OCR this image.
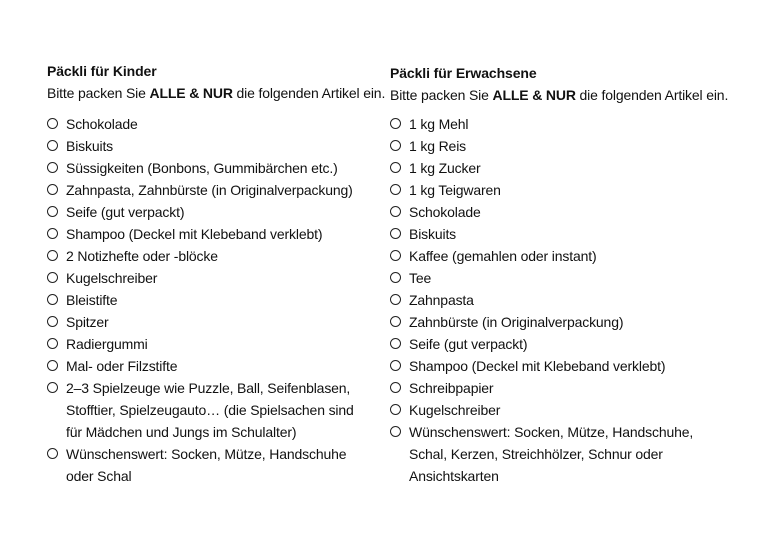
Päckli für Kinder
Bitte packen Sie ALLE & NUR die folgenden Artikel ein.
Schokolade
Biskuits
Süssigkeiten (Bonbons, Gummibärchen etc.)
Zahnpasta, Zahnbürste (in Originalverpackung)
Seife (gut verpackt)
Shampoo (Deckel mit Klebeband verklebt)
2 Notizhefte oder -blöcke
Kugelschreiber
Bleistifte
Spitzer
Radiergummi
Mal- oder Filzstifte
2–3 Spielzeuge wie Puzzle, Ball, Seifenblasen, Stofftier, Spielzeugauto… (die Spielsachen sind für Mädchen und Jungs im Schulalter)
Wünschenswert: Socken, Mütze, Handschuhe oder Schal
Päckli für Erwachsene
Bitte packen Sie ALLE & NUR die folgenden Artikel ein.
1 kg Mehl
1 kg Reis
1 kg Zucker
1 kg Teigwaren
Schokolade
Biskuits
Kaffee (gemahlen oder instant)
Tee
Zahnpasta
Zahnbürste (in Originalverpackung)
Seife (gut verpackt)
Shampoo (Deckel mit Klebeband verklebt)
Schreibpapier
Kugelschreiber
Wünschenswert: Socken, Mütze, Handschuhe, Schal, Kerzen, Streichhölzer, Schnur oder Ansichtskarten
